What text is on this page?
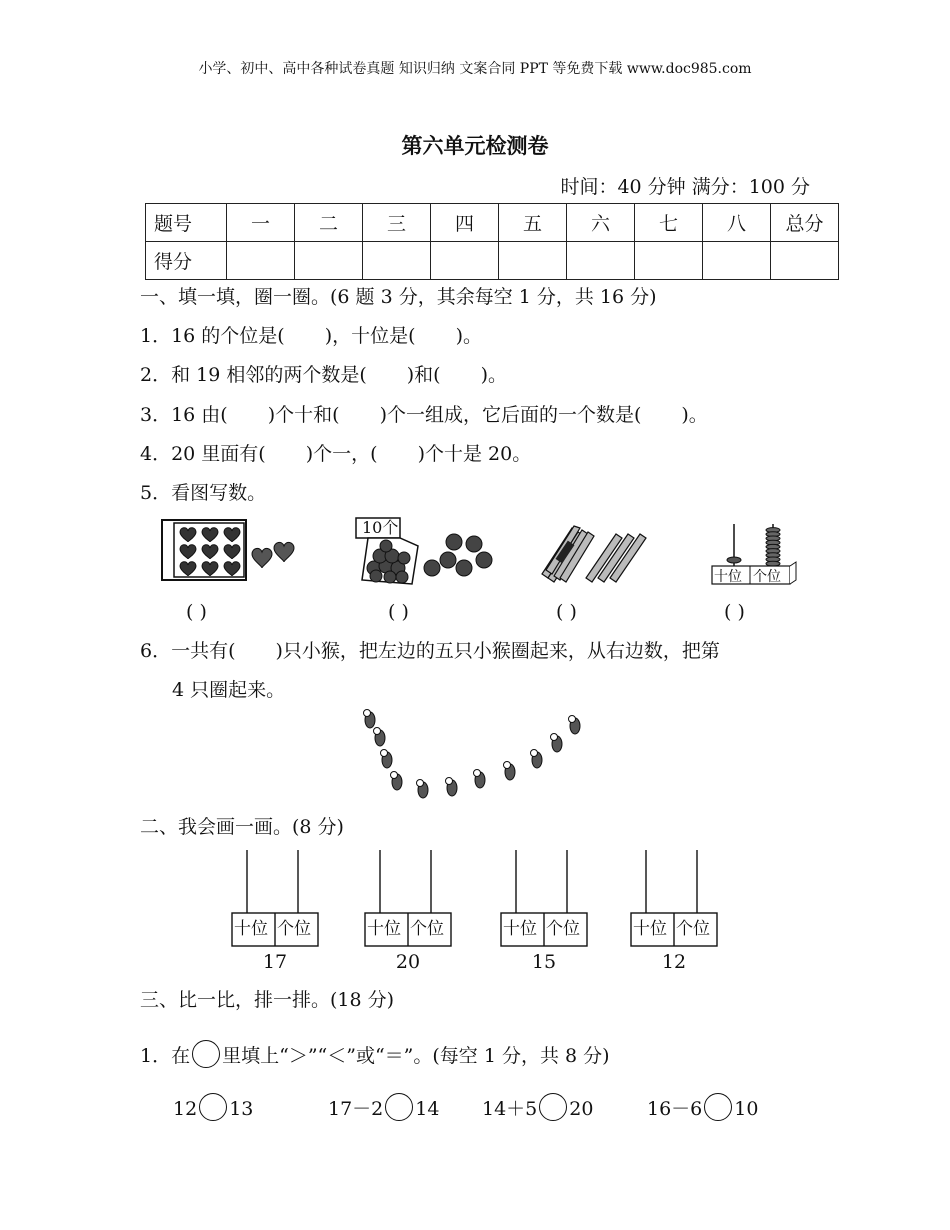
小学、初中、高中各种试卷真题 知识归纳 文案合同 PPT 等免费下载 www.doc985.com
第六单元检测卷
时间：40 分钟 满分：100 分
题号	一	二	三	四	五	六	七	八	总分
得分									
一、填一填，圈一圈。(6 题 3 分，其余每空 1 分，共 16 分)
1．16 的个位是( )，十位是( )。
2．和 19 相邻的两个数是( )和( )。
3．16 由( )个十和( )个一组成，它后面的一个数是( )。
4．20 里面有( )个一，( )个十是 20。
5．看图写数。
10个
十位 个位
( )	( )	( )	( )
6．一共有( )只小猴，把左边的五只小猴圈起来，从右边数，把第
4 只圈起来。
二、我会画一画。(8 分)
十位 个位
17
十位 个位
20
十位 个位
15
十位 个位
12
三、比一比，排一排。(18 分)
1．在 里填上“＞”“＜”或“＝”。(每空 1 分，共 8 分)
12 13	17－2 14 14＋5 20	16－6 10
